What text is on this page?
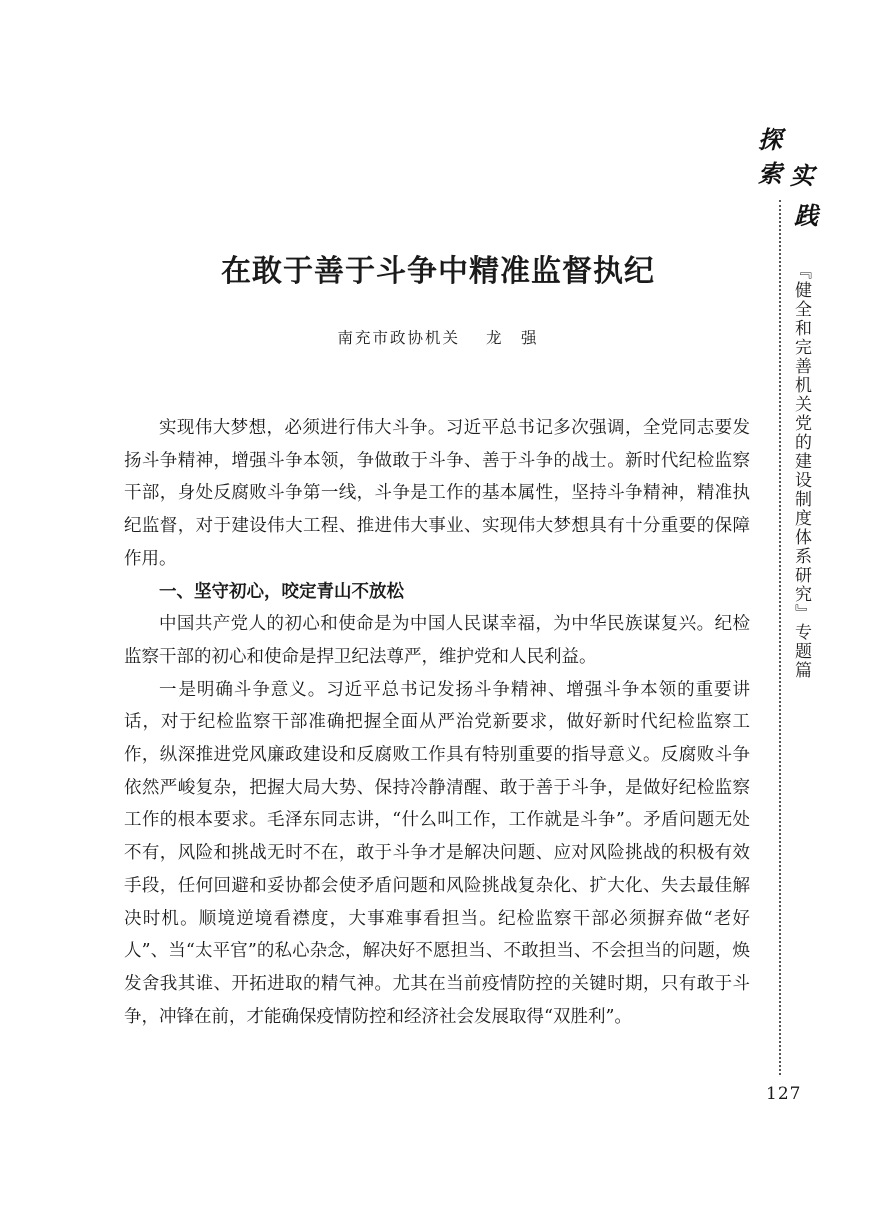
在敢于善于斗争中精准监督执纪
南充市政协机关 龙　强

实现伟大梦想，必须进行伟大斗争。习近平总书记多次强调，全党同志要发扬斗争精神，增强斗争本领，争做敢于斗争、善于斗争的战士。新时代纪检监察干部，身处反腐败斗争第一线，斗争是工作的基本属性，坚持斗争精神，精准执纪监督，对于建设伟大工程、推进伟大事业、实现伟大梦想具有十分重要的保障作用。

一、坚守初心，咬定青山不放松

中国共产党人的初心和使命是为中国人民谋幸福，为中华民族谋复兴。纪检监察干部的初心和使命是捍卫纪法尊严，维护党和人民利益。

一是明确斗争意义。习近平总书记发扬斗争精神、增强斗争本领的重要讲话，对于纪检监察干部准确把握全面从严治党新要求，做好新时代纪检监察工作，纵深推进党风廉政建设和反腐败工作具有特别重要的指导意义。反腐败斗争依然严峻复杂，把握大局大势、保持冷静清醒、敢于善于斗争，是做好纪检监察工作的根本要求。毛泽东同志讲，“什么叫工作，工作就是斗争”。矛盾问题无处不有，风险和挑战无时不在，敢于斗争才是解决问题、应对风险挑战的积极有效手段，任何回避和妥协都会使矛盾问题和风险挑战复杂化、扩大化、失去最佳解决时机。顺境逆境看襟度，大事难事看担当。纪检监察干部必须摒弃做“老好人”、当“太平官”的私心杂念，解决好不愿担当、不敢担当、不会担当的问题，焕发舍我其谁、开拓进取的精气神。尤其在当前疫情防控的关键时期，只有敢于斗争，冲锋在前，才能确保疫情防控和经济社会发展取得“双胜利”。

探
索 实
践
『健全和完善机关党的建设制度体系研究』专题篇
127
